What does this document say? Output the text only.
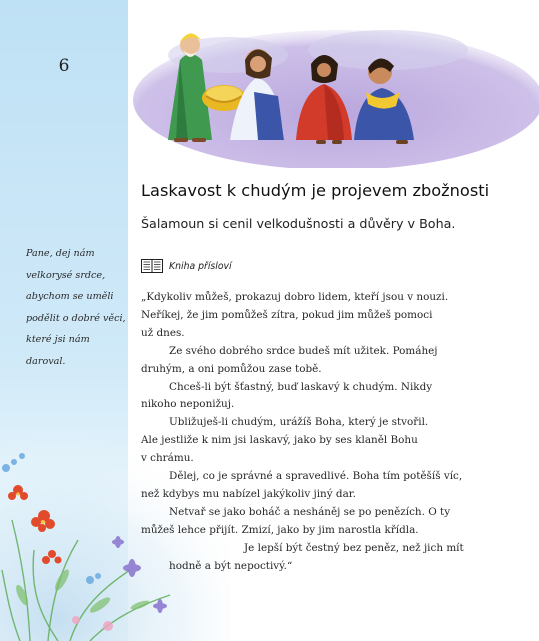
6
Pane, dej nám
velkorysé srdce,
abychom se uměli
podělit o dobré věci,
které jsi nám
daroval.
Laskavost k chudým je projevem zbožnosti
Šalamoun si cenil velkodušnosti a důvěry v Boha.
Kniha přísloví
„Kdykoliv můžeš, prokazuj dobro lidem, kteří jsou v nouzi.
Neříkej, že jim pomůžeš zítra, pokud jim můžeš pomoci
už dnes.
Ze svého dobrého srdce budeš mít užitek. Pomáhej
druhým, a oni pomůžou zase tobě.
Chceš-li být šťastný, buď laskavý k chudým. Nikdy
nikoho neponižuj.
Ubližuješ-li chudým, urážíš Boha, který je stvořil.
Ale jestliže k nim jsi laskavý, jako by ses klaněl Bohu
v chrámu.
Dělej, co je správné a spravedlivé. Boha tím potěšíš víc,
než kdybys mu nabízel jakýkoliv jiný dar.
Netvař se jako boháč a nesháněj se po penězích. O ty
můžeš lehce přijít. Zmizí, jako by jim narostla křídla.
Je lepší být čestný bez peněz, než jich mít
hodně a být nepoctivý.“
